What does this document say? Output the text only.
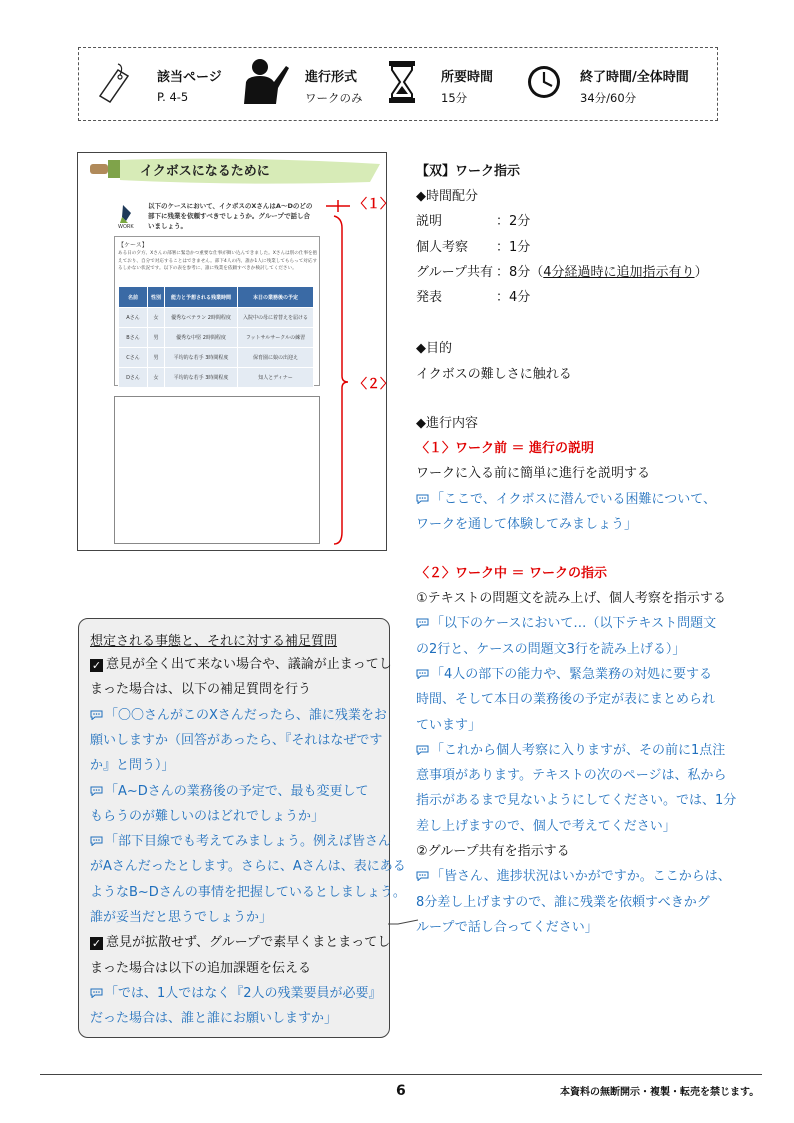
該当ページ
P. 4-5
進行形式
ワークのみ
所要時間
15分
終了時間/全体時間
34分/60分
イクボスになるために
WORK
以下のケースにおいて、イクボスのXさんはA〜Dのどの部下に残業を依頼すべきでしょうか。グループで話し合いましょう。
【ケース】
ある日の夕方、Xさんの部署に緊急かつ重要な仕事が舞い込んできました。Xさんは別の仕事を抱えており、自分で対応することはできません。部下4人の内、誰か1人に残業してもらって対応するしかない状況です。以下の表を参考に、誰に残業を依頼すべきか検討してください。
名前	性別	能力と予想される残業時間	本日の業務後の予定
Aさん	女	優秀なベテラン 2時間程度	入院中の母に着替えを届ける
Bさん	男	優秀な中堅 2時間程度	フットサルサークルの練習
Cさん	男	平均的な若手 3時間程度	保育園に娘の出迎え
Dさん	女	平均的な若手 3時間程度	知人とディナー
〈１〉
〈２〉
【双】ワーク指示
◆時間配分
説明	：2分
個人考察 ：1分
グループ共有 ：8分（4分経過時に追加指示有り）
発表	：4分
◆目的
イクボスの難しさに触れる
◆進行内容
〈１〉ワーク前 ＝ 進行の説明
ワークに入る前に簡単に進行を説明する
「ここで、イクボスに潜んでいる困難について、
ワークを通して体験してみましょう」
〈２〉ワーク中 ＝ ワークの指示
①テキストの問題文を読み上げ、個人考察を指示する
「以下のケースにおいて…（以下テキスト問題文
の2行と、ケースの問題文3行を読み上げる）」
「4人の部下の能力や、緊急業務の対処に要する
時間、そして本日の業務後の予定が表にまとめられ
ています」
「これから個人考察に入りますが、その前に1点注
意事項があります。テキストの次のページは、私から
指示があるまで見ないようにしてください。では、1分
差し上げますので、個人で考えてください」
②グループ共有を指示する
「皆さん、進捗状況はいかがですか。ここからは、
8分差し上げますので、誰に残業を依頼すべきかグ
ループで話し合ってください」
想定される事態と、それに対する補足質問
✓ 意見が全く出て来ない場合や、議論が止まってし
まった場合は、以下の補足質問を行う
「〇〇さんがこのXさんだったら、誰に残業をお
願いしますか（回答があったら、『それはなぜです
か』と問う）」
「A~Dさんの業務後の予定で、最も変更して
もらうのが難しいのはどれでしょうか」
「部下目線でも考えてみましょう。例えば皆さん
がAさんだったとします。さらに、Aさんは、表にある
ようなB~Dさんの事情を把握しているとしましょう。
誰が妥当だと思うでしょうか」
✓ 意見が拡散せず、グループで素早くまとまってし
まった場合は以下の追加課題を伝える
「では、1人ではなく『2人の残業要員が必要』
だった場合は、誰と誰にお願いしますか」
6	本資料の無断開示・複製・転売を禁じます。
